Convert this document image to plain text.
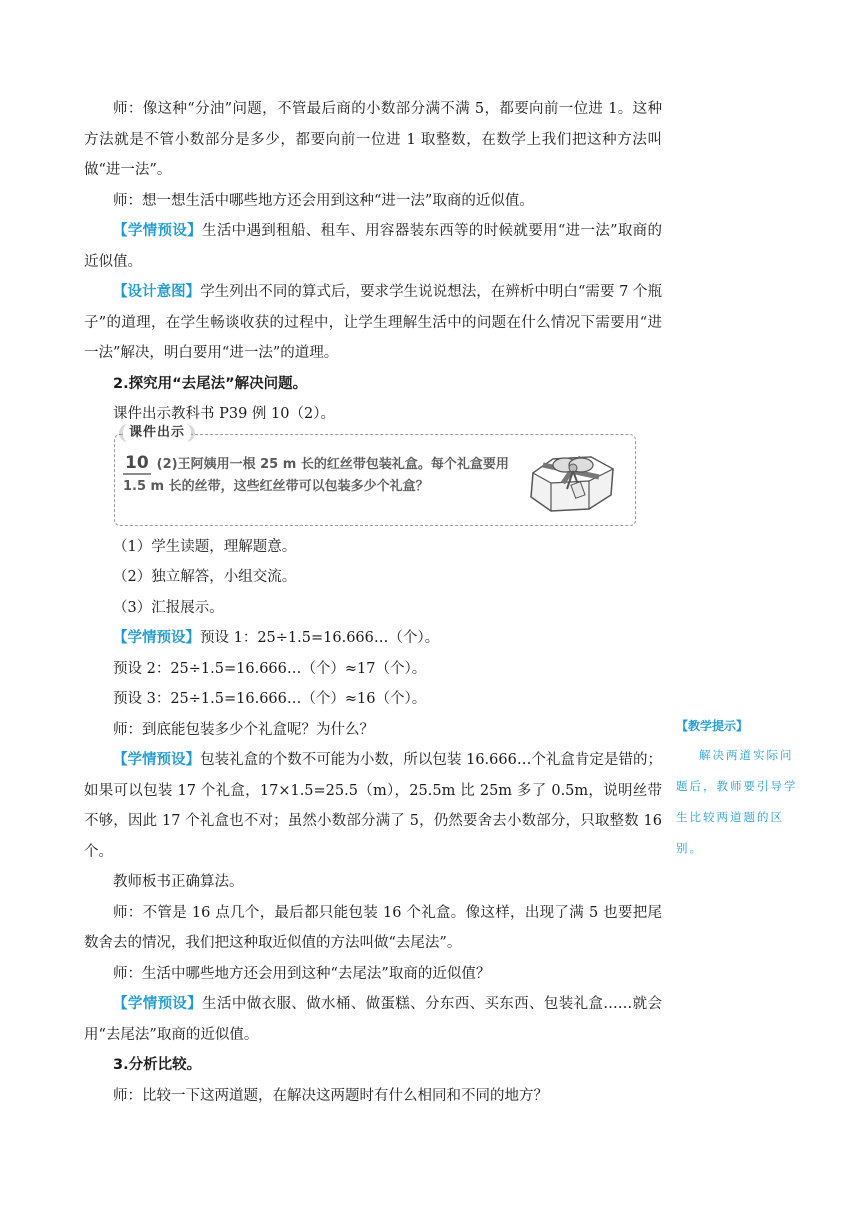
师：像这种“分油”问题，不管最后商的小数部分满不满 5，都要向前一位进 1。这种方法就是不管小数部分是多少，都要向前一位进 1 取整数，在数学上我们把这种方法叫做“进一法”。

师：想一想生活中哪些地方还会用到这种“进一法”取商的近似值。

【学情预设】生活中遇到租船、租车、用容器装东西等的时候就要用“进一法”取商的近似值。

【设计意图】学生列出不同的算式后，要求学生说说想法，在辨析中明白“需要 7 个瓶子”的道理，在学生畅谈收获的过程中，让学生理解生活中的问题在什么情况下需要用“进一法”解决，明白要用“进一法”的道理。

2.探究用“去尾法”解决问题。

课件出示教科书 P39 例 10（2）。

课件出示
10 (2)王阿姨用一根 25 m 长的红丝带包装礼盒。每个礼盒要用 1.5 m 长的丝带，这些红丝带可以包装多少个礼盒？

（1）学生读题，理解题意。

（2）独立解答，小组交流。

（3）汇报展示。

【学情预设】预设 1：25÷1.5=16.666…（个）。

预设 2：25÷1.5=16.666…（个）≈17（个）。

预设 3：25÷1.5=16.666…（个）≈16（个）。

师：到底能包装多少个礼盒呢？为什么？

【学情预设】包装礼盒的个数不可能为小数，所以包装 16.666…个礼盒肯定是错的；如果可以包装 17 个礼盒，17×1.5=25.5（m），25.5m 比 25m 多了 0.5m，说明丝带不够，因此 17 个礼盒也不对；虽然小数部分满了 5，仍然要舍去小数部分，只取整数 16 个。

教师板书正确算法。

师：不管是 16 点几个，最后都只能包装 16 个礼盒。像这样，出现了满 5 也要把尾数舍去的情况，我们把这种取近似值的方法叫做“去尾法”。

师：生活中哪些地方还会用到这种“去尾法”取商的近似值？

【学情预设】生活中做衣服、做水桶、做蛋糕、分东西、买东西、包装礼盒……就会用“去尾法”取商的近似值。

3.分析比较。

师：比较一下这两道题，在解决这两题时有什么相同和不同的地方？

【教学提示】
解决两道实际问题后，教师要引导学生比较两道题的区别。
